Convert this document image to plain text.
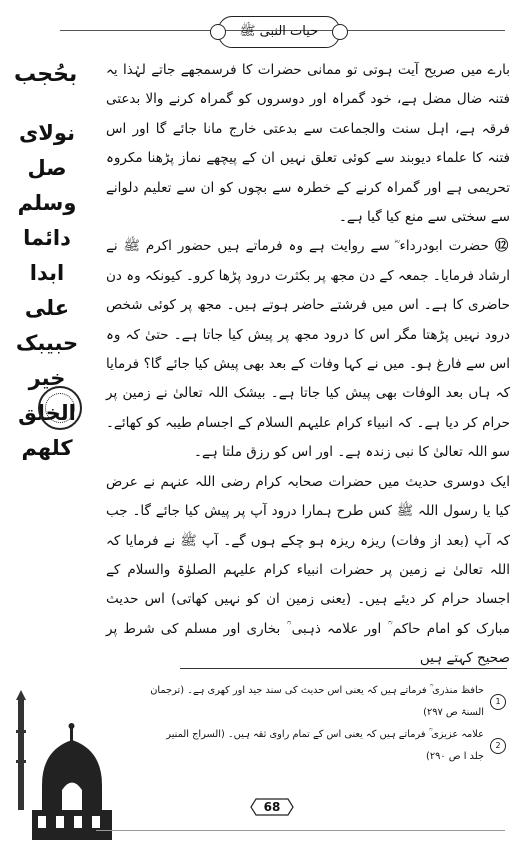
حیات النبی ﷺ
بحُجب
نولای صل وسلم دائما ابدا علی حبیبک خیر الخلق کلھم

بارے میں صریح آیت ہوتی تو ممانی حضرات کا فرسمجھے جاتے لہٰذا یہ فتنہ ضال مضل ہے، خود گمراہ اور دوسروں کو گمراہ کرنے والا بدعتی فرقہ ہے، اہل سنت والجماعت سے بدعتی خارج مانا جائے گا اور اس فتنہ کا علماء دیوبند سے کوئی تعلق نہیں ان کے پیچھے نماز پڑھنا مکروہ تحریمی ہے اور گمراہ کرنے کے خطرہ سے بچوں کو ان سے تعلیم دلوانے سے سختی سے منع کیا گیا ہے۔

⑫حضرت ابودرداء ؓ سے روایت ہے وہ فرماتے ہیں حضور اکرم ﷺ نے ارشاد فرمایا۔ جمعہ کے دن مجھ پر بکثرت درود پڑھا کرو۔ کیونکہ وہ دن حاضری کا ہے۔ اس میں فرشتے حاضر ہوتے ہیں۔ مجھ پر کوئی شخص درود نہیں پڑھتا مگر اس کا درود مجھ پر پیش کیا جاتا ہے۔ حتیٰ کہ وہ اس سے فارغ ہو۔ میں نے کہا وفات کے بعد بھی پیش کیا جائے گا؟ فرمایا کہ ہاں بعد الوفات بھی پیش کیا جاتا ہے۔ بیشک اللہ تعالیٰ نے زمین پر حرام کر دیا ہے۔ کہ انبیاء کرام علیہم السلام کے اجسام طیبہ کو کھائے۔ سو اللہ تعالیٰ کا نبی زندہ ہے۔ اور اس کو رزق ملتا ہے۔

ایک دوسری حدیث میں حضرات صحابہ کرام رضی اللہ عنہم نے عرض کیا یا رسول اللہ ﷺ کس طرح ہمارا درود آپ پر پیش کیا جائے گا۔ جب کہ آپ (بعد از وفات) ریزہ ریزہ ہو چکے ہوں گے۔ آپ ﷺ نے فرمایا کہ اللہ تعالیٰ نے زمین پر حضرات انبیاء کرام علیہم الصلوٰۃ والسلام کے اجساد حرام کر دیئے ہیں۔ (یعنی زمین ان کو نہیں کھاتی) اس حدیث مبارک کو امام حاکم ؒ اور علامہ ذہبی ؒ بخاری اور مسلم کی شرط پر صحیح کہتے ہیں

1
حافظ منذری ؒ فرماتے ہیں کہ یعنی اس حدیث کی سند جید اور کھری ہے۔ (ترجمان السنۃ ص ۲۹۷)
2
علامہ عزیزی ؒ فرماتے ہیں کہ یعنی اس کے تمام راوی ثقہ ہیں۔ (السراج المنیر جلد ا ص ۲۹۰)
68
